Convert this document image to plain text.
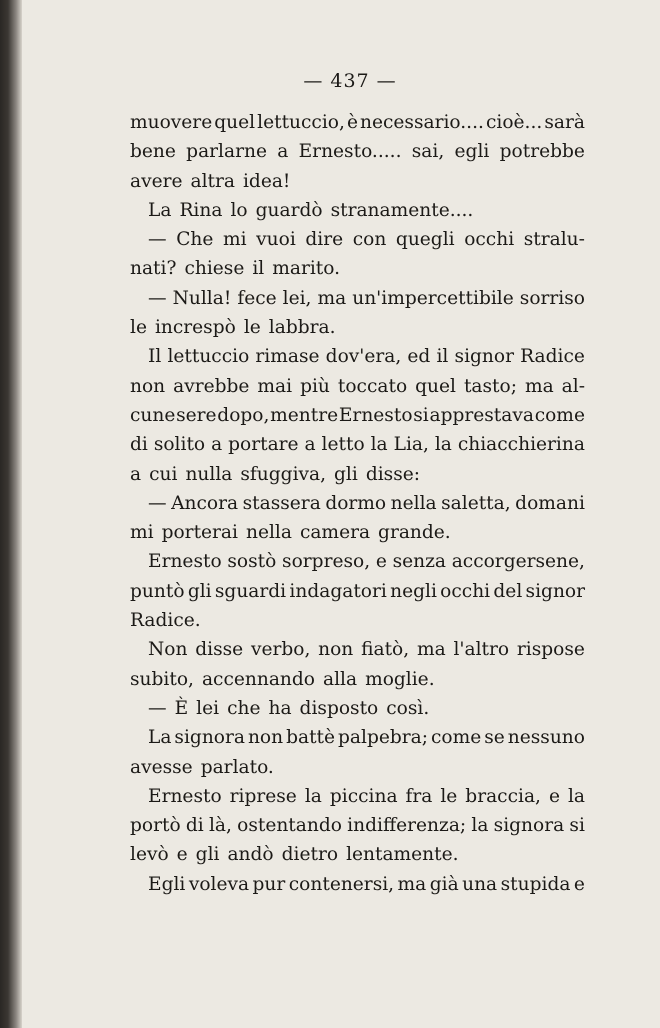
— 437 —
muovere quel lettuccio, è necessario.... cioè... sarà
bene parlarne a Ernesto..... sai, egli potrebbe
avere altra idea!
La Rina lo guardò stranamente....
— Che mi vuoi dire con quegli occhi stralu-
nati? chiese il marito.
— Nulla! fece lei, ma un'impercettibile sorriso
le increspò le labbra.
Il lettuccio rimase dov'era, ed il signor Radice
non avrebbe mai più toccato quel tasto; ma al-
cune sere dopo, mentre Ernesto si apprestava come
di solito a portare a letto la Lia, la chiacchierina
a cui nulla sfuggiva, gli disse:
— Ancora stassera dormo nella saletta, domani
mi porterai nella camera grande.
Ernesto sostò sorpreso, e senza accorgersene,
puntò gli sguardi indagatori negli occhi del signor
Radice.
Non disse verbo, non fiatò, ma l'altro rispose
subito, accennando alla moglie.
— È lei che ha disposto così.
La signora non battè palpebra; come se nessuno
avesse parlato.
Ernesto riprese la piccina fra le braccia, e la
portò di là, ostentando indifferenza; la signora si
levò e gli andò dietro lentamente.
Egli voleva pur contenersi, ma già una stupida e
